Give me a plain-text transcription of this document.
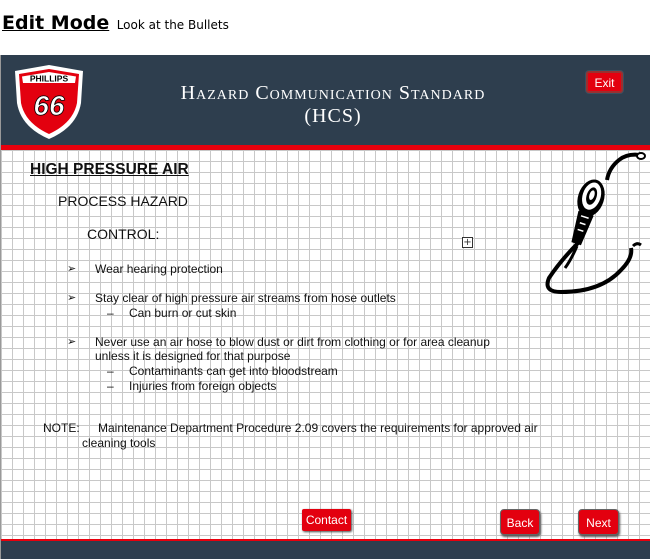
Edit Mode Look at the Bullets
PHILLIPS
66	Hazard Communication Standard
(HCS)
Exit
HIGH PRESSURE AIR
PROCESS HAZARD
CONTROL:
+
➢ Wear hearing protection
➢ Stay clear of high pressure air streams from hose outlets
– Can burn or cut skin
➢ Never use an air hose to blow dust or dirt from clothing or for area cleanup
unless it is designed for that purpose
– Contaminants can get into bloodstream
– Injuries from foreign objects
NOTE: Maintenance Department Procedure 2.09 covers the requirements for approved air
cleaning tools
Contact	Back	Next
